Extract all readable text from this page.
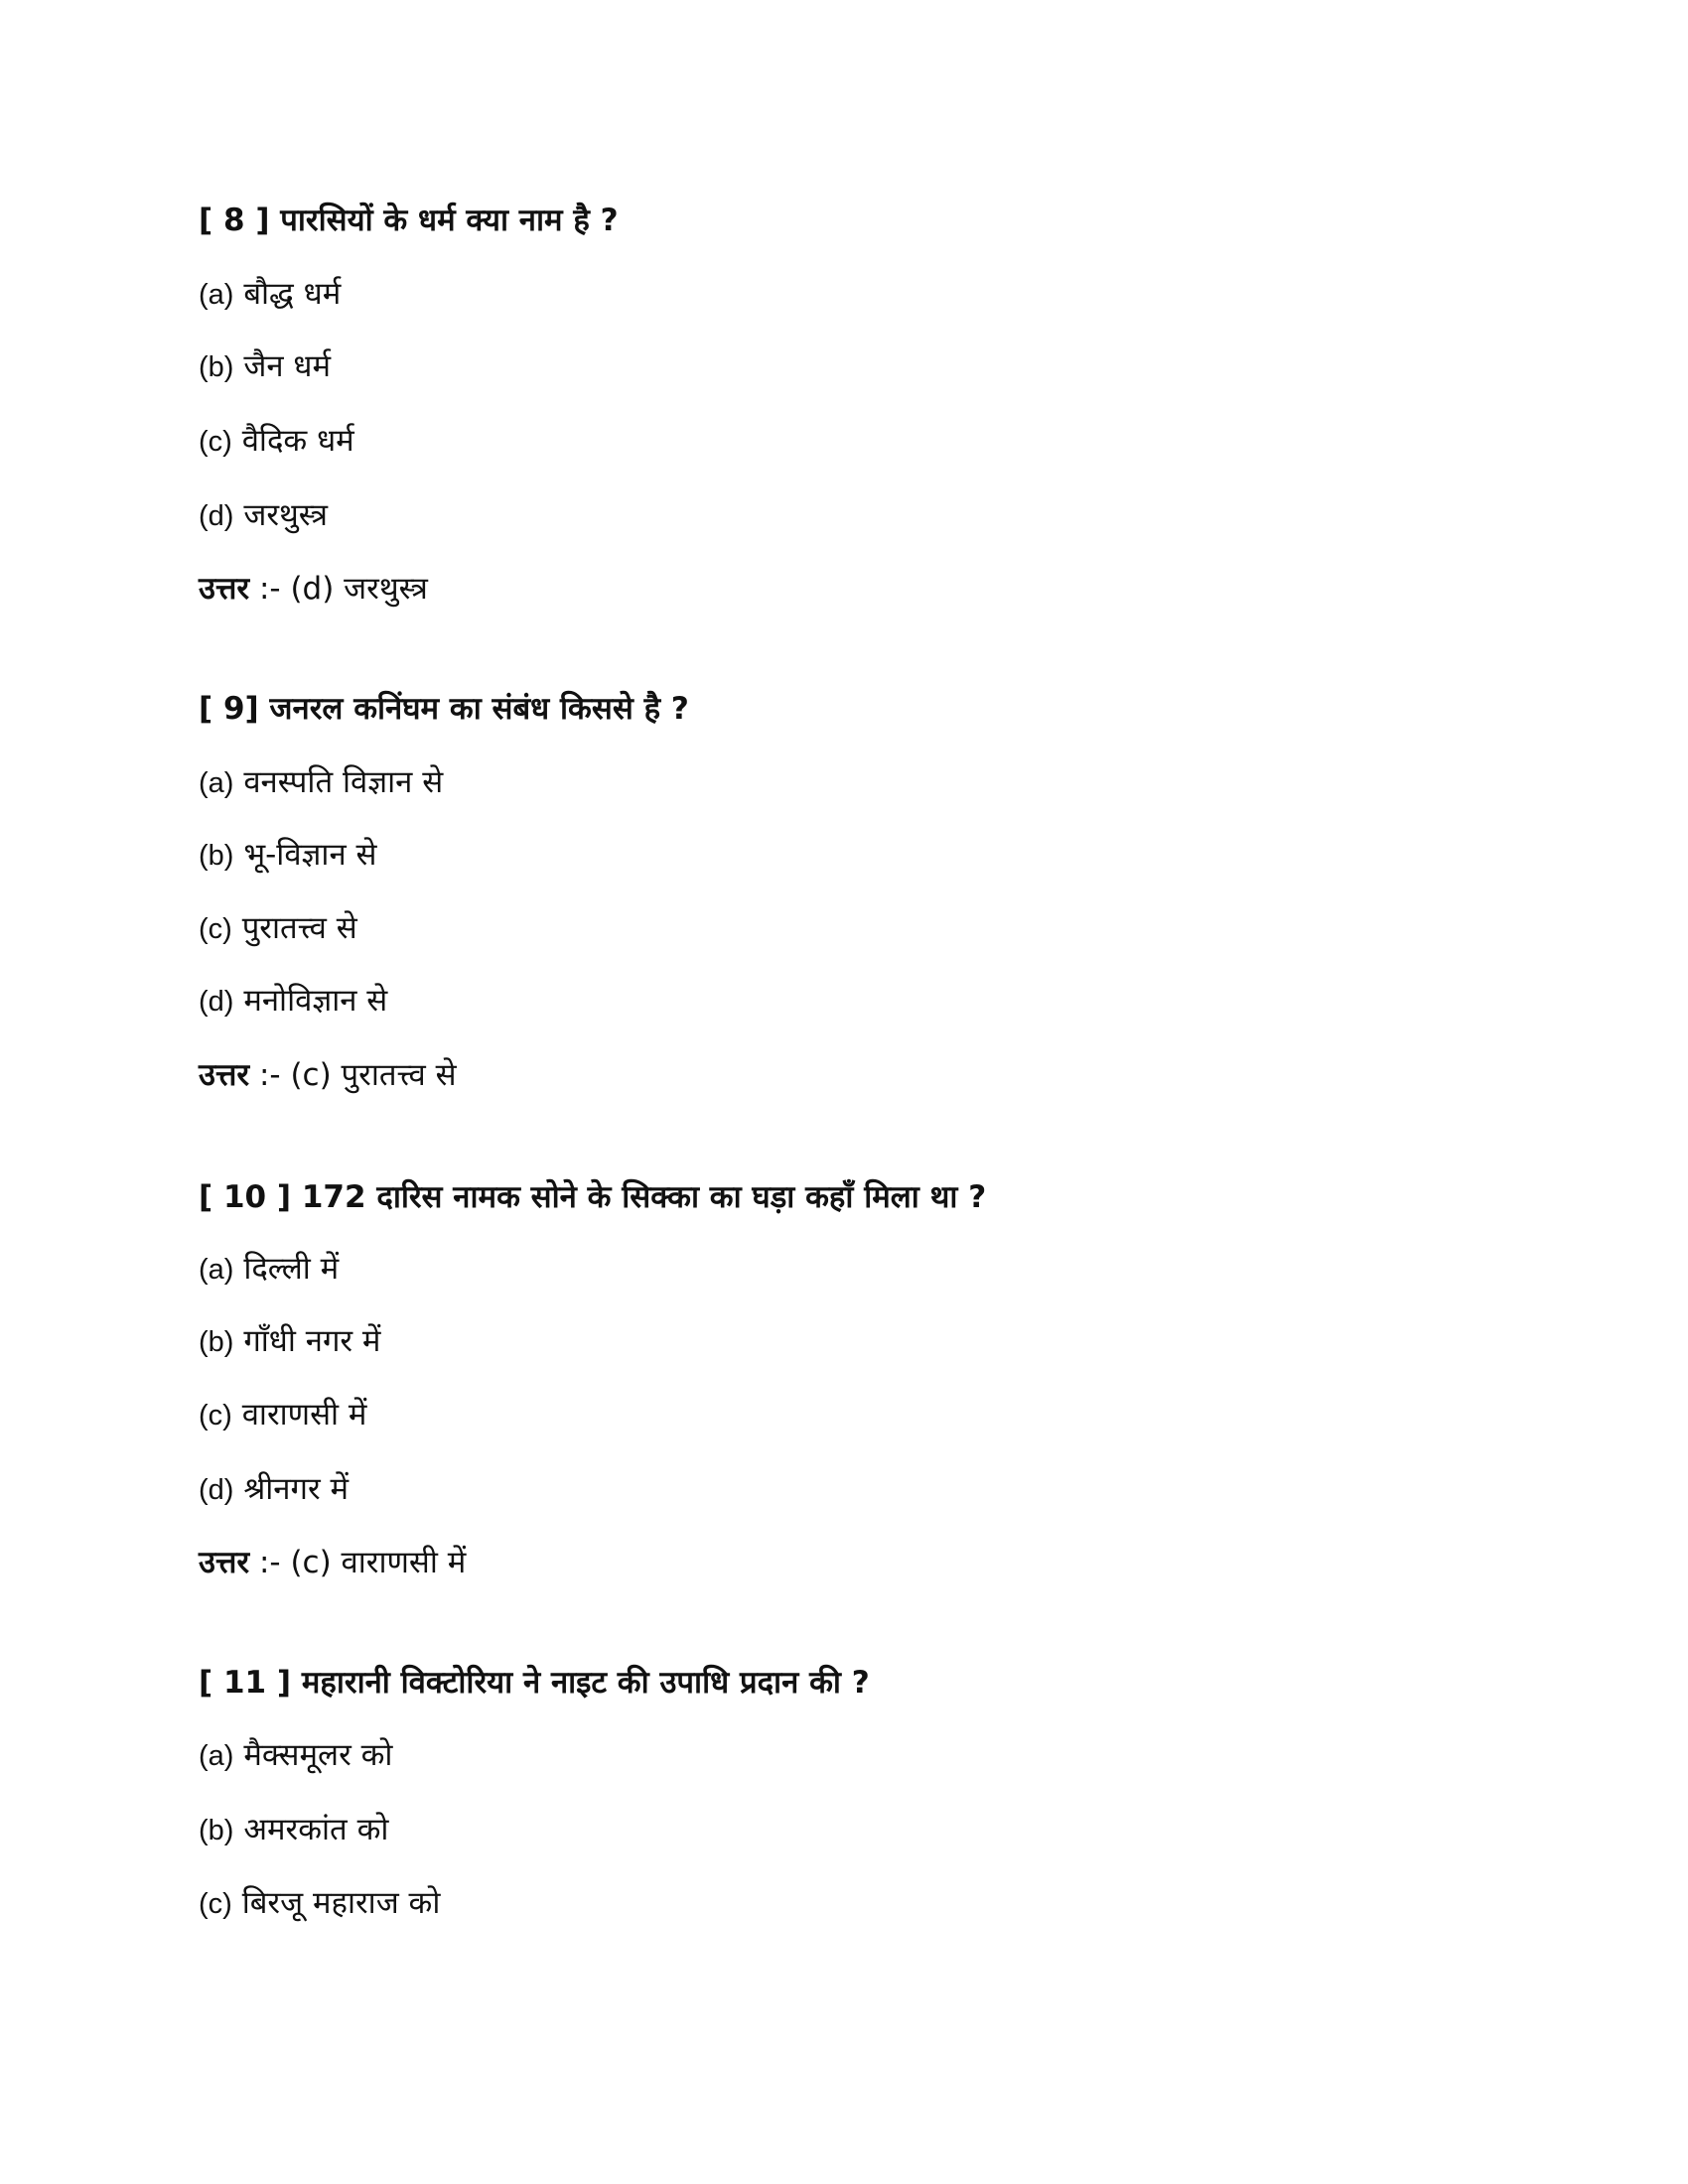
[ 8 ] पारसियों के धर्म क्या नाम है ?
(a) बौद्ध धर्म
(b) जैन धर्म
(c) वैदिक धर्म
(d) जरथुस्त्र
उत्तर :- (d) जरथुस्त्र
[ 9] जनरल कनिंघम का संबंध किससे है ?
(a) वनस्पति विज्ञान से
(b) भू-विज्ञान से
(c) पुरातत्त्व से
(d) मनोविज्ञान से
उत्तर :- (c) पुरातत्त्व से
[ 10 ] 172 दारिस नामक सोने के सिक्का का घड़ा कहाँ मिला था ?
(a) दिल्ली में
(b) गाँधी नगर में
(c) वाराणसी में
(d) श्रीनगर में
उत्तर :- (c) वाराणसी में
[ 11 ] महारानी विक्टोरिया ने नाइट की उपाधि प्रदान की ?
(a) मैक्समूलर को
(b) अमरकांत को
(c) बिरजू महाराज को
